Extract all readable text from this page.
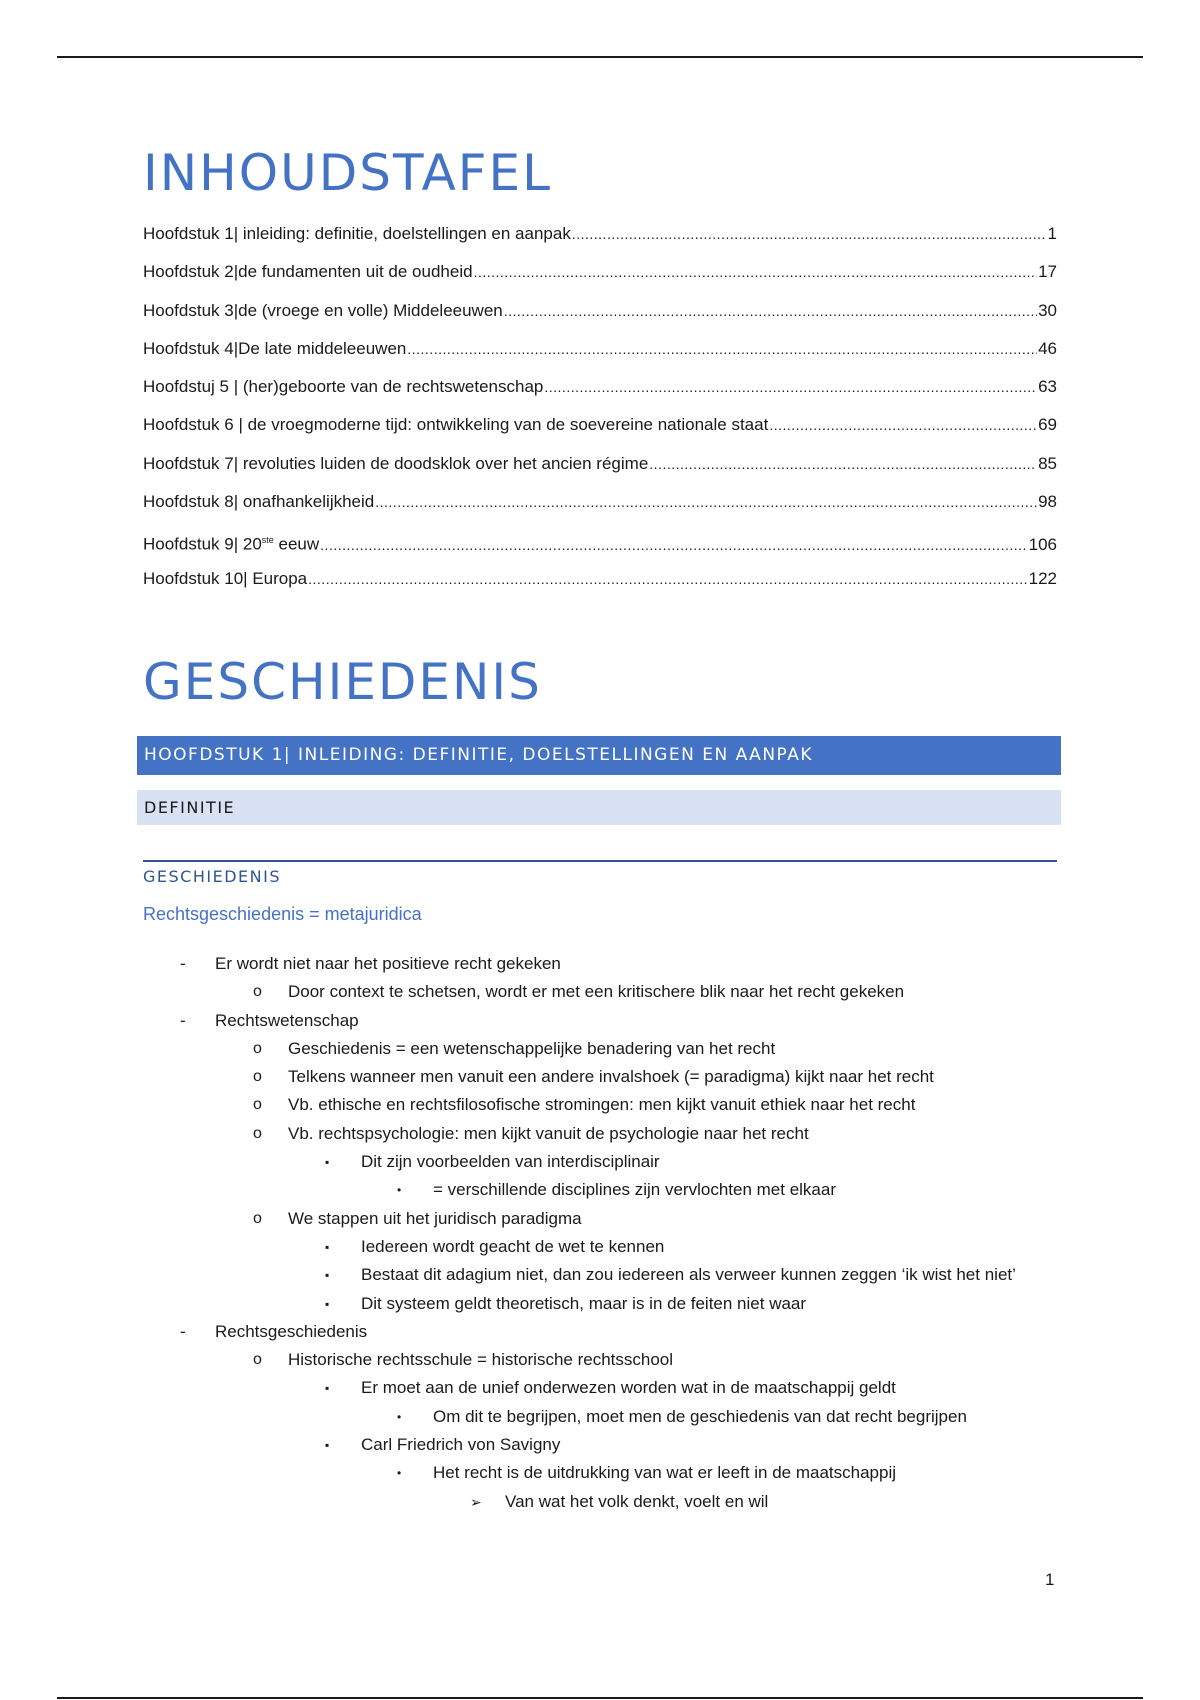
INHOUDSTAFEL
Hoofdstuk 1| inleiding: definitie, doelstellingen en aanpak .....	1
Hoofdstuk 2|de fundamenten uit de oudheid .....	17
Hoofdstuk 3|de (vroege en volle) Middeleeuwen .....	30
Hoofdstuk 4|De late middeleeuwen .....	46
Hoofdstuj 5 | (her)geboorte van de rechtswetenschap .....	63
Hoofdstuk 6 | de vroegmoderne tijd: ontwikkeling van de soevereine nationale staat .....	69
Hoofdstuk 7| revoluties luiden de doodsklok over het ancien régime .....	85
Hoofdstuk 8| onafhankelijkheid .....	98
Hoofdstuk 9| 20ste eeuw .....	106
Hoofdstuk 10| Europa .....	122
GESCHIEDENIS
HOOFDSTUK 1| INLEIDING: DEFINITIE, DOELSTELLINGEN EN AANPAK
DEFINITIE
GESCHIEDENIS
Rechtsgeschiedenis = metajuridica
- Er wordt niet naar het positieve recht gekeken
o Door context te schetsen, wordt er met een kritischere blik naar het recht gekeken
- Rechtswetenschap
o Geschiedenis = een wetenschappelijke benadering van het recht
o Telkens wanneer men vanuit een andere invalshoek (= paradigma) kijkt naar het recht
o Vb. ethische en rechtsfilosofische stromingen: men kijkt vanuit ethiek naar het recht
o Vb. rechtspsychologie: men kijkt vanuit de psychologie naar het recht
▪ Dit zijn voorbeelden van interdisciplinair
• = verschillende disciplines zijn vervlochten met elkaar
o We stappen uit het juridisch paradigma
▪ Iedereen wordt geacht de wet te kennen
▪ Bestaat dit adagium niet, dan zou iedereen als verweer kunnen zeggen ‘ik wist het niet’
▪ Dit systeem geldt theoretisch, maar is in de feiten niet waar
- Rechtsgeschiedenis
o Historische rechtsschule = historische rechtsschool
▪ Er moet aan de unief onderwezen worden wat in de maatschappij geldt
• Om dit te begrijpen, moet men de geschiedenis van dat recht begrijpen
▪ Carl Friedrich von Savigny
• Het recht is de uitdrukking van wat er leeft in de maatschappij
➢ Van wat het volk denkt, voelt en wil
1
